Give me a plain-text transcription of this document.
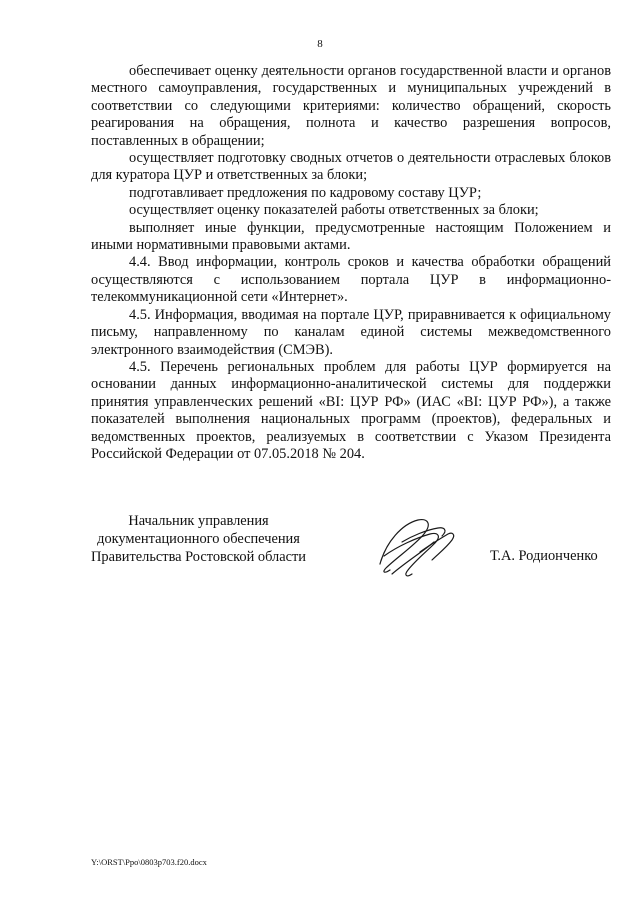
8

обеспечивает оценку деятельности органов государственной власти и органов местного самоуправления, государственных и муниципальных учреждений в соответствии со следующими критериями: количество обращений, скорость реагирования на обращения, полнота и качество разрешения вопросов, поставленных в обращении;

осуществляет подготовку сводных отчетов о деятельности отраслевых блоков для куратора ЦУР и ответственных за блоки;

подготавливает предложения по кадровому составу ЦУР;

осуществляет оценку показателей работы ответственных за блоки;

выполняет иные функции, предусмотренные настоящим Положением и иными нормативными правовыми актами.

4.4. Ввод информации, контроль сроков и качества обработки обращений осуществляются с использованием портала ЦУР в информационно-телекоммуникационной сети «Интернет».

4.5. Информация, вводимая на портале ЦУР, приравнивается к официальному письму, направленному по каналам единой системы межведомственного электронного взаимодействия (СМЭВ).

4.5. Перечень региональных проблем для работы ЦУР формируется на основании данных информационно-аналитической системы для поддержки принятия управленческих решений «BI: ЦУР РФ» (ИАС «BI: ЦУР РФ»), а также показателей выполнения национальных программ (проектов), федеральных и ведомственных проектов, реализуемых в соответствии с Указом Президента Российской Федерации от 07.05.2018 № 204.

Начальник управления
документационного обеспечения
Правительства Ростовской области	Т.А. Родионченко
Y:\ORST\Ppo\0803p703.f20.docx
